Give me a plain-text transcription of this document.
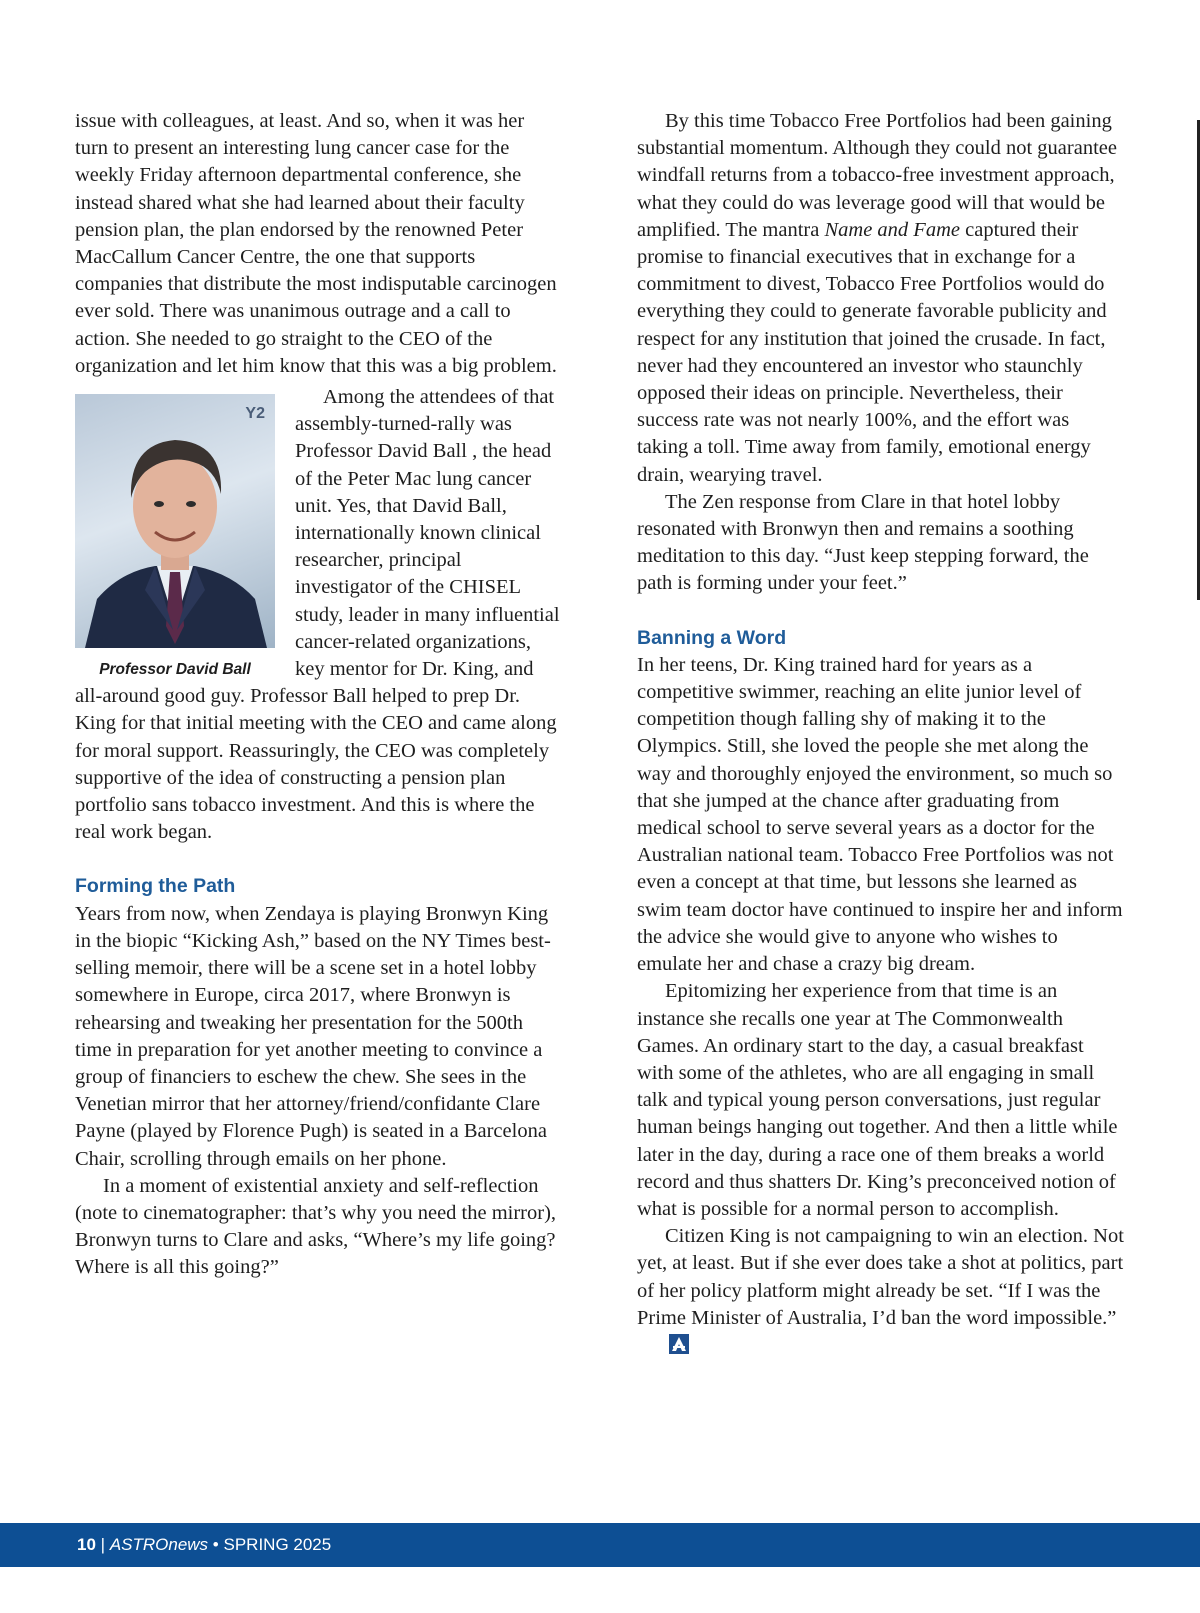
issue with colleagues, at least. And so, when it was her turn to present an interesting lung cancer case for the weekly Friday afternoon departmental conference, she instead shared what she had learned about their faculty pension plan, the plan endorsed by the renowned Peter MacCallum Cancer Centre, the one that supports companies that distribute the most indisputable carcinogen ever sold. There was unanimous outrage and a call to action. She needed to go straight to the CEO of the organization and let him know that this was a big problem.

Y2
Professor David Ball

Among the attendees of that assembly-turned-rally was Professor David Ball , the head of the Peter Mac lung cancer unit. Yes, that David Ball, internationally known clinical researcher, principal investigator of the CHISEL study, leader in many influential cancer-related organizations, key mentor for Dr. King, and all-around good guy. Professor Ball helped to prep Dr. King for that initial meeting with the CEO and came along for moral support. Reassuringly, the CEO was completely supportive of the idea of constructing a pension plan portfolio sans tobacco investment. And this is where the real work began.

Forming the Path

Years from now, when Zendaya is playing Bronwyn King in the biopic “Kicking Ash,” based on the NY Times best-selling memoir, there will be a scene set in a hotel lobby somewhere in Europe, circa 2017, where Bronwyn is rehearsing and tweaking her presentation for the 500th time in preparation for yet another meeting to convince a group of financiers to eschew the chew. She sees in the Venetian mirror that her attorney/friend/confidante Clare Payne (played by Florence Pugh) is seated in a Barcelona Chair, scrolling through emails on her phone.

In a moment of existential anxiety and self-reflection (note to cinematographer: that’s why you need the mirror), Bronwyn turns to Clare and asks, “Where’s my life going? Where is all this going?”

By this time Tobacco Free Portfolios had been gaining substantial momentum. Although they could not guarantee windfall returns from a tobacco-free investment approach, what they could do was leverage good will that would be amplified. The mantra Name and Fame captured their promise to financial executives that in exchange for a commitment to divest, Tobacco Free Portfolios would do everything they could to generate favorable publicity and respect for any institution that joined the crusade. In fact, never had they encountered an investor who staunchly opposed their ideas on principle. Nevertheless, their success rate was not nearly 100%, and the effort was taking a toll. Time away from family, emotional energy drain, wearying travel.

The Zen response from Clare in that hotel lobby resonated with Bronwyn then and remains a soothing meditation to this day. “Just keep stepping forward, the path is forming under your feet.”

Banning a Word

In her teens, Dr. King trained hard for years as a competitive swimmer, reaching an elite junior level of competition though falling shy of making it to the Olympics. Still, she loved the people she met along the way and thoroughly enjoyed the environment, so much so that she jumped at the chance after graduating from medical school to serve several years as a doctor for the Australian national team. Tobacco Free Portfolios was not even a concept at that time, but lessons she learned as swim team doctor have continued to inspire her and inform the advice she would give to anyone who wishes to emulate her and chase a crazy big dream.

Epitomizing her experience from that time is an instance she recalls one year at The Commonwealth Games. An ordinary start to the day, a casual breakfast with some of the athletes, who are all engaging in small talk and typical young person conversations, just regular human beings hanging out together. And then a little while later in the day, during a race one of them breaks a world record and thus shatters Dr. King’s preconceived notion of what is possible for a normal person to accomplish.

Citizen King is not campaigning to win an election. Not yet, at least. But if she ever does take a shot at politics, part of her policy platform might already be set. “If I was the Prime Minister of Australia, I’d ban the word impossible.”

10 | ASTROnews • SPRING 2025
